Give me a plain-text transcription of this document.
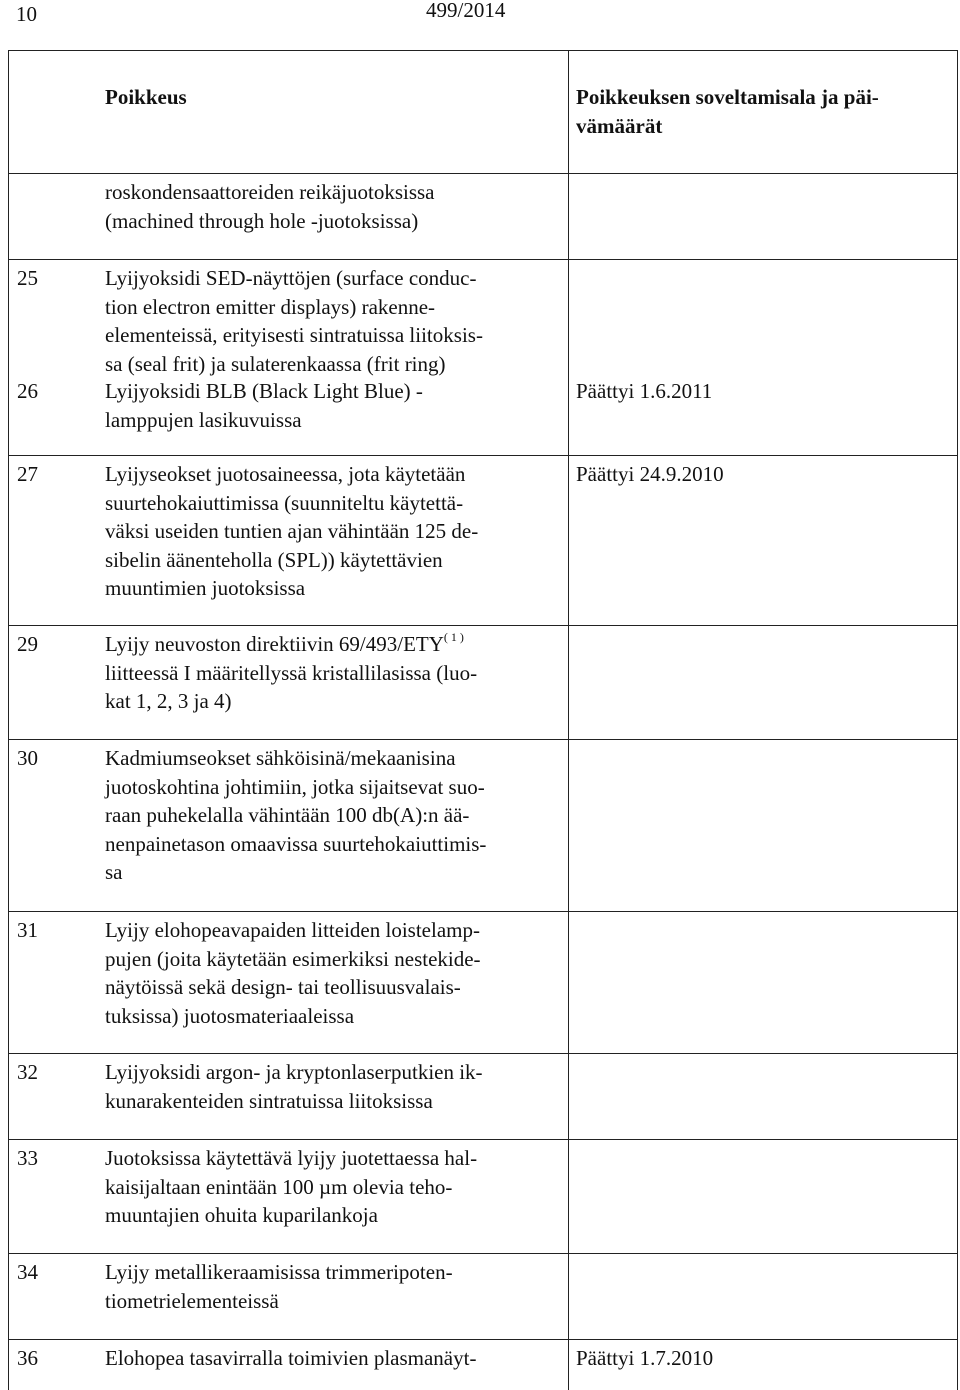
10	499/2014
Poikkeus	Poikkeuksen soveltamisala ja päi-
vämäärät
roskondensaattoreiden reikäjuotoksissa
(machined through hole -juotoksissa)
25	Lyijyoksidi SED-näyttöjen (surface conduc-
tion electron emitter displays) rakenne-
elementeissä, erityisesti sintratuissa liitoksis-
sa (seal frit) ja sulaterenkaassa (frit ring)
26	Lyijyoksidi BLB (Black Light Blue) -
lamppujen lasikuvuissa
Päättyi 1.6.2011
27	Lyijyseokset juotosaineessa, jota käytetään
suurtehokaiuttimissa (suunniteltu käytettä-
väksi useiden tuntien ajan vähintään 125 de-
sibelin äänenteholla (SPL)) käytettävien
muuntimien juotoksissa
Päättyi 24.9.2010
29	Lyijy neuvoston direktiivin $69/493/ETY^{( 1 )}$
liitteessä I määritellyssä kristallilasissa (luo-
kat 1, 2, 3 ja 4)
30	Kadmiumseokset sähköisinä/mekaanisina
juotoskohtina johtimiin, jotka sijaitsevat suo-
raan puhekelalla vähintään 100 db(A):n ää-
nenpainetason omaavissa suurtehokaiuttimis-
sa
31	Lyijy elohopeavapaiden litteiden loistelamp-
pujen (joita käytetään esimerkiksi nestekide-
näytöissä sekä design- tai teollisuusvalais-
tuksissa) juotosmateriaaleissa
32	Lyijyoksidi argon- ja kryptonlaserputkien ik-
kunarakenteiden sintratuissa liitoksissa
33	Juotoksissa käytettävä lyijy juotettaessa hal-
kaisijaltaan enintään 100 µm olevia teho-
muuntajien ohuita kuparilankoja
34	Lyijy metallikeraamisissa trimmeripoten-
tiometrielementeissä
36	Elohopea tasavirralla toimivien plasmanäyt-	Päättyi 1.7.2010
